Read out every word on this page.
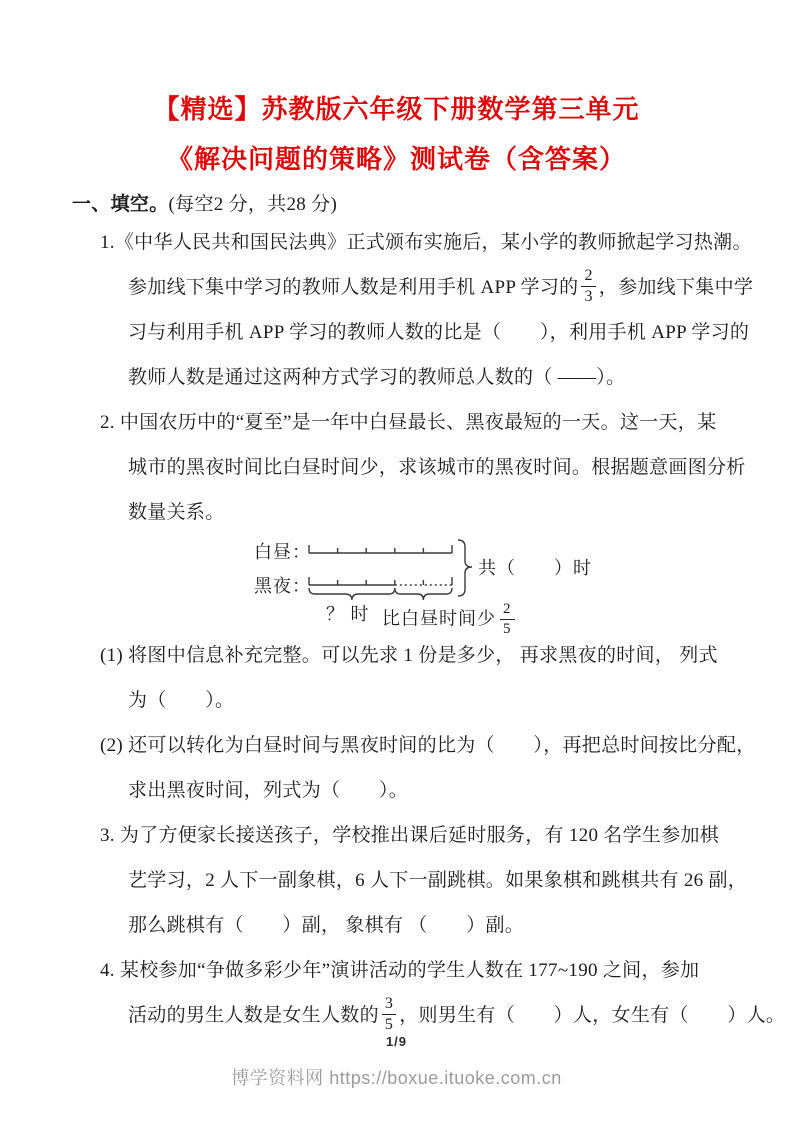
【精选】苏教版六年级下册数学第三单元
《解决问题的策略》测试卷（含答案）
一、填空。(每空2 分，共28 分)
1.《中华人民共和国民法典》正式颁布实施后，某小学的教师掀起学习热潮。
参加线下集中学习的教师人数是利用手机 APP 学习的 $\frac{2}{3}$ ，参加线下集中学
习与利用手机 APP 学习的教师人数的比是（　　），利用手机 APP 学习的
教师人数是通过这两种方式学习的教师总人数的（ ——）。
2. 中国农历中的“夏至”是一年中白昼最长、黑夜最短的一天。这一天，某
城市的黑夜时间比白昼时间少，求该城市的黑夜时间。根据题意画图分析
数量关系。
白昼：
黑夜：
共（　　）时
？ 时 比白昼时间少 $\frac{2}{5}$
(1) 将图中信息补充完整。可以先求 1 份是多少， 再求黑夜的时间， 列式
为（　　）。
(2) 还可以转化为白昼时间与黑夜时间的比为（　　），再把总时间按比分配，
求出黑夜时间，列式为（　　）。
3. 为了方便家长接送孩子，学校推出课后延时服务，有 120 名学生参加棋
艺学习，2 人下一副象棋，6 人下一副跳棋。如果象棋和跳棋共有 26 副，
那么跳棋有（　　）副， 象棋有 （　　）副。
4. 某校参加“争做多彩少年”演讲活动的学生人数在 177~190 之间，参加
活动的男生人数是女生人数的 $\frac{3}{5}$ ，则男生有（　　）人，女生有（　　）人。
1/9
博学资料网 https://boxue.ituoke.com.cn
